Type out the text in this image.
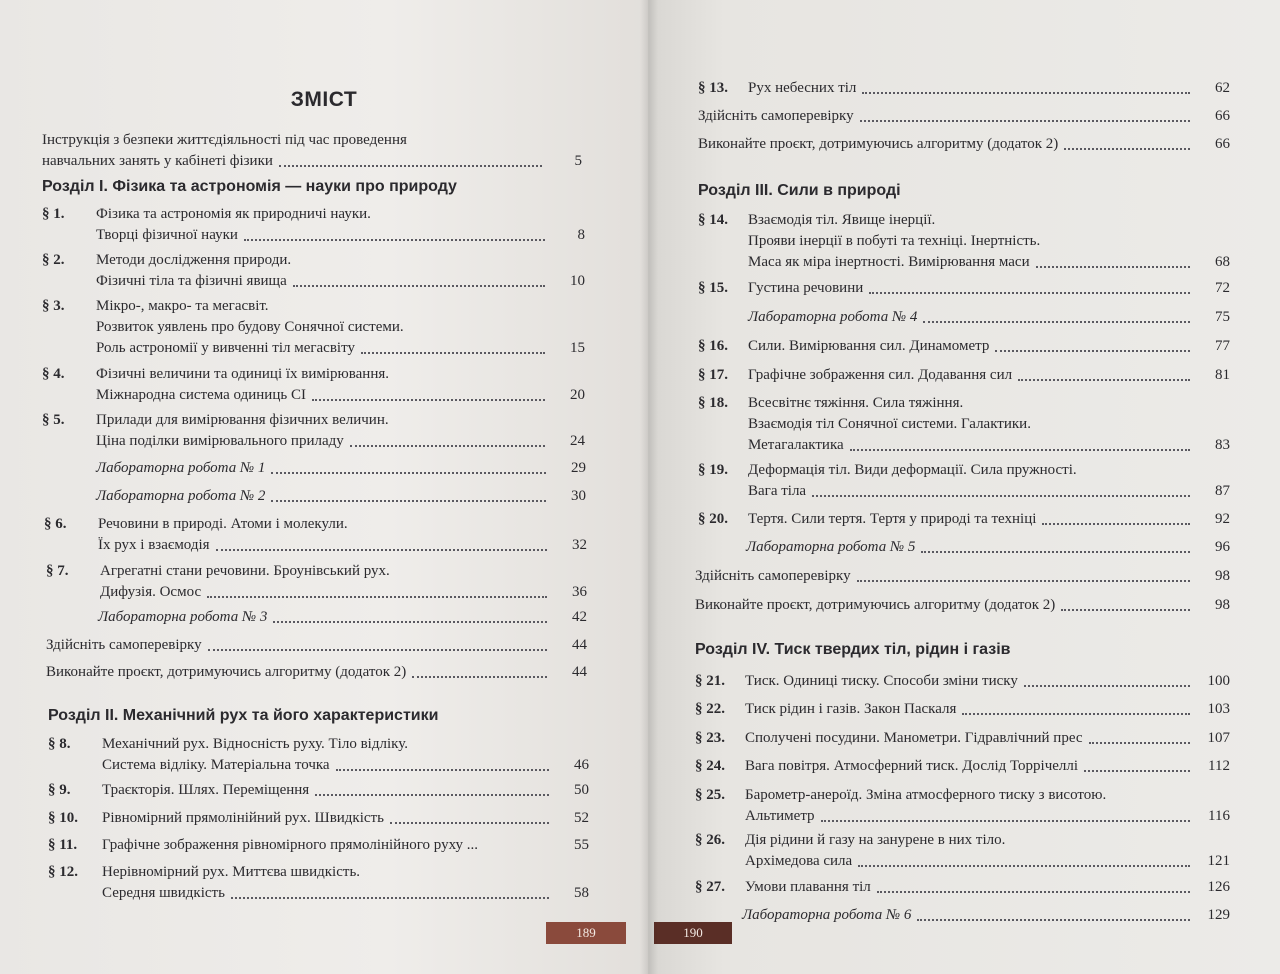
ЗМІСТ
Інструкція з безпеки життєдіяльності під час проведення
навчальних занять у кабінеті фізики	5
Розділ І. Фізика та астрономія — науки про природу
§ 1. Фізика та астрономія як природничі науки.
Творці фізичної науки	8
§ 2. Методи дослідження природи.
Фізичні тіла та фізичні явища	10
§ 3. Мікро-, макро- та мегасвіт.
Розвиток уявлень про будову Сонячної системи.
Роль астрономії у вивченні тіл мегасвіту	15
§ 4. Фізичні величини та одиниці їх вимірювання.
Міжнародна система одиниць СІ	20
§ 5. Прилади для вимірювання фізичних величин.
Ціна поділки вимірювального приладу	24
Лабораторна робота № 1	29
Лабораторна робота № 2	30
§ 6. Речовини в природі. Атоми і молекули.
Їх рух і взаємодія	32
§ 7. Агрегатні стани речовини. Броунівський рух.
Дифузія. Осмос	36
Лабораторна робота № 3	42
Здійсніть самоперевірку	44
Виконайте проєкт, дотримуючись алгоритму (додаток 2)	44
Розділ ІІ. Механічний рух та його характеристики
§ 8. Механічний рух. Відносність руху. Тіло відліку.
Система відліку. Матеріальна точка	46
§ 9. Траєкторія. Шлях. Переміщення	50
§ 10. Рівномірний прямолінійний рух. Швидкість	52
§ 11. Графічне зображення рівномірного прямолінійного руху ...	55
§ 12. Нерівномірний рух. Миттєва швидкість.
Середня швидкість	58
189
§ 13. Рух небесних тіл	62
Здійсніть самоперевірку	66
Виконайте проєкт, дотримуючись алгоритму (додаток 2)	66
Розділ ІІІ. Сили в природі
§ 14. Взаємодія тіл. Явище інерції.
Прояви інерції в побуті та техніці. Інертність.
Маса як міра інертності. Вимірювання маси	68
§ 15. Густина речовини	72
Лабораторна робота № 4	75
§ 16. Сили. Вимірювання сил. Динамометр	77
§ 17. Графічне зображення сил. Додавання сил	81
§ 18. Всесвітнє тяжіння. Сила тяжіння.
Взаємодія тіл Сонячної системи. Галактики.
Метагалактика	83
§ 19. Деформація тіл. Види деформації. Сила пружності.
Вага тіла	87
§ 20. Тертя. Сили тертя. Тертя у природі та техніці	92
Лабораторна робота № 5	96
Здійсніть самоперевірку	98
Виконайте проєкт, дотримуючись алгоритму (додаток 2)	98
Розділ IV. Тиск твердих тіл, рідин і газів
§ 21. Тиск. Одиниці тиску. Способи зміни тиску	100
§ 22. Тиск рідин і газів. Закон Паскаля	103
§ 23. Сполучені посудини. Манометри. Гідравлічний прес	107
§ 24. Вага повітря. Атмосферний тиск. Дослід Торрічеллі	112
§ 25. Барометр-анероїд. Зміна атмосферного тиску з висотою.
Альтиметр	116
§ 26. Дія рідини й газу на занурене в них тіло.
Архімедова сила	121
§ 27. Умови плавання тіл	126
Лабораторна робота № 6	129
190
